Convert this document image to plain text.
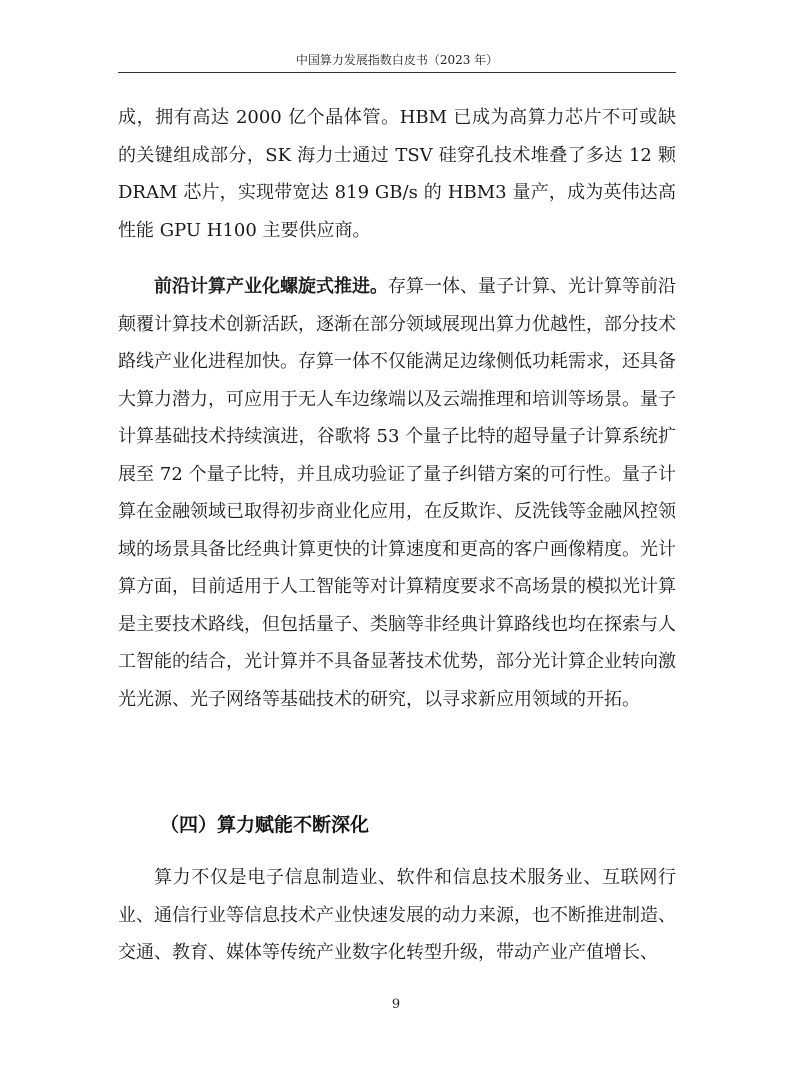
中国算力发展指数白皮书（2023 年）

成，拥有高达 2000 亿个晶体管。HBM 已成为高算力芯片不可或缺的关键组成部分，SK 海力士通过 TSV 硅穿孔技术堆叠了多达 12 颗 DRAM 芯片，实现带宽达 819 GB/s 的 HBM3 量产，成为英伟达高性能 GPU H100 主要供应商。

前沿计算产业化螺旋式推进。存算一体、量子计算、光计算等前沿颠覆计算技术创新活跃，逐渐在部分领域展现出算力优越性，部分技术路线产业化进程加快。存算一体不仅能满足边缘侧低功耗需求，还具备大算力潜力，可应用于无人车边缘端以及云端推理和培训等场景。量子计算基础技术持续演进，谷歌将 53 个量子比特的超导量子计算系统扩展至 72 个量子比特，并且成功验证了量子纠错方案的可行性。量子计算在金融领域已取得初步商业化应用，在反欺诈、反洗钱等金融风控领域的场景具备比经典计算更快的计算速度和更高的客户画像精度。光计算方面，目前适用于人工智能等对计算精度要求不高场景的模拟光计算是主要技术路线，但包括量子、类脑等非经典计算路线也均在探索与人工智能的结合，光计算并不具备显著技术优势，部分光计算企业转向激光光源、光子网络等基础技术的研究，以寻求新应用领域的开拓。

（四）算力赋能不断深化

算力不仅是电子信息制造业、软件和信息技术服务业、互联网行业、通信行业等信息技术产业快速发展的动力来源，也不断推进制造、交通、教育、媒体等传统产业数字化转型升级，带动产业产值增长、

9
